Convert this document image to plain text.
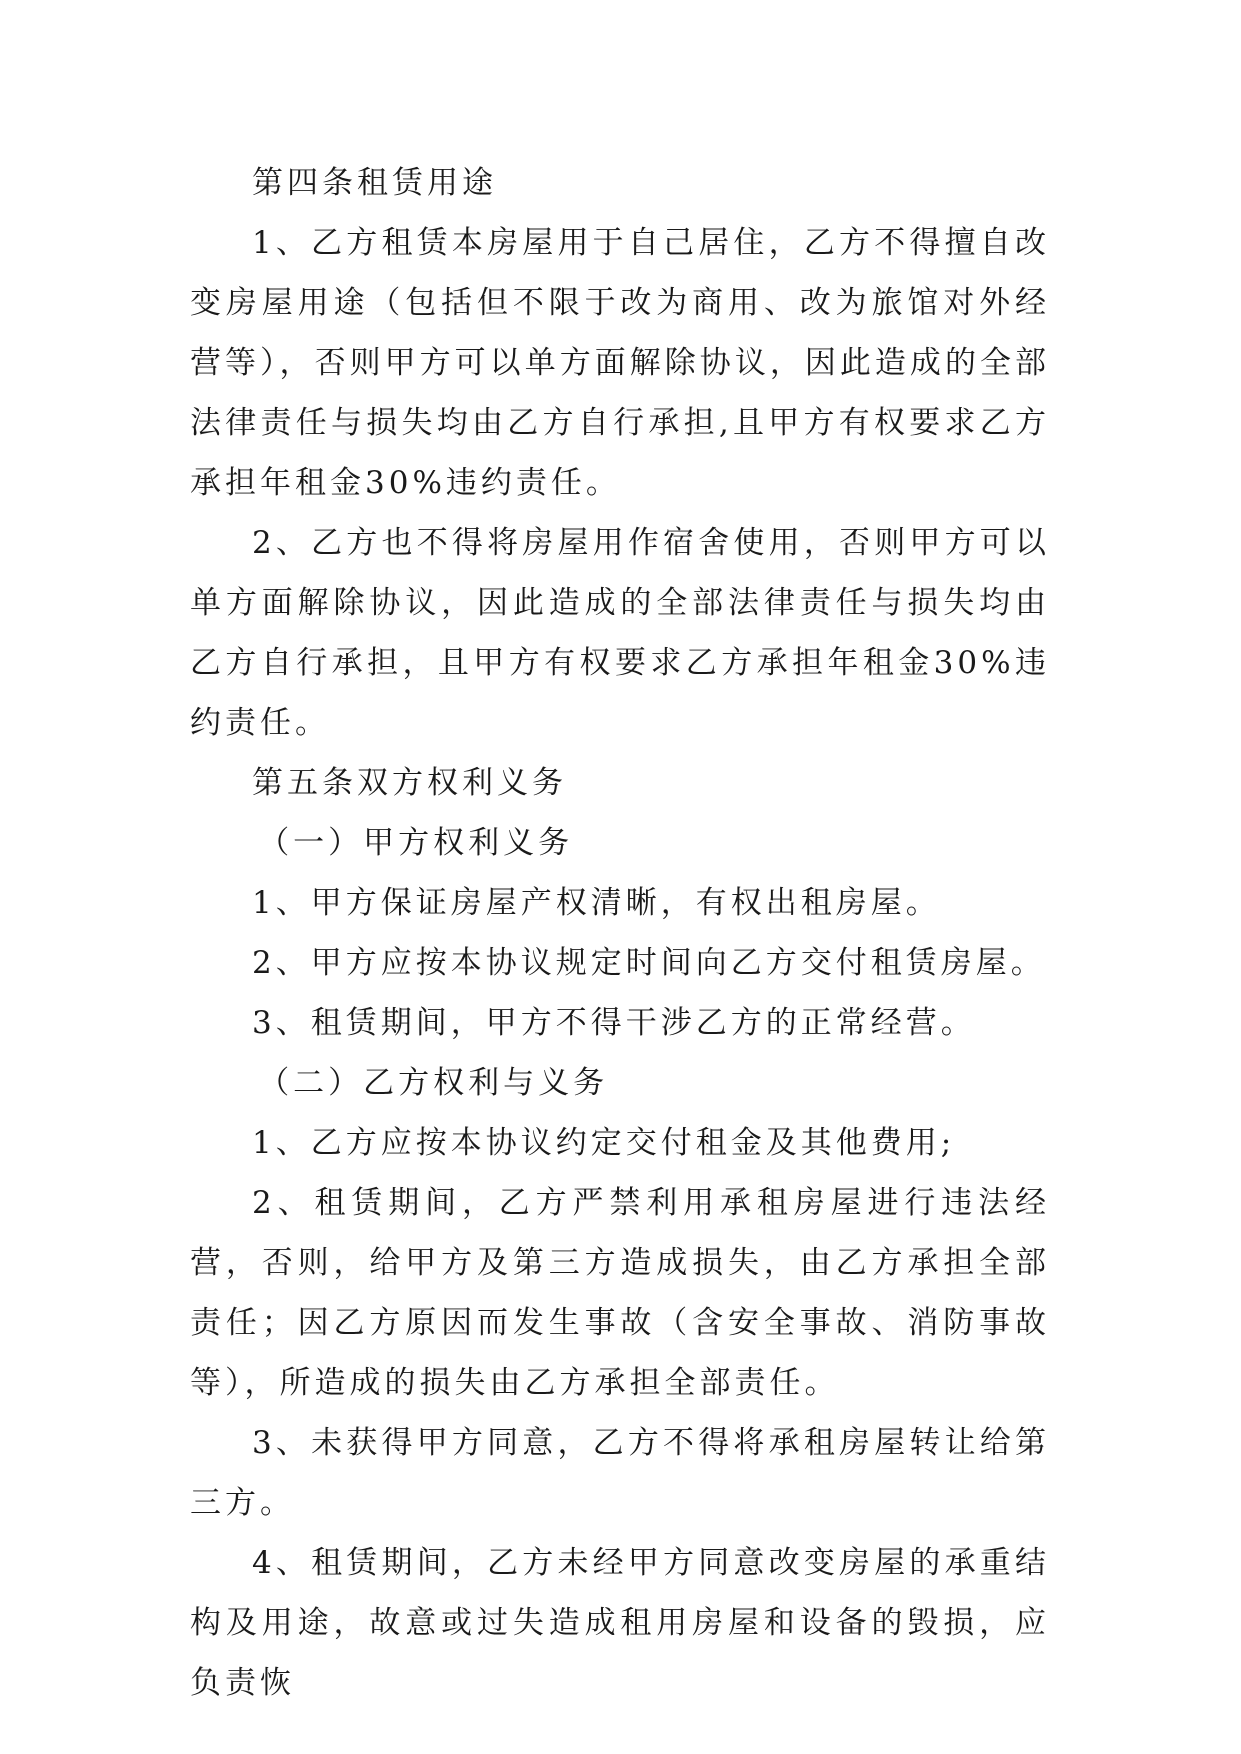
第四条租赁用途

1、乙方租赁本房屋用于自己居住，乙方不得擅自改变房屋用途（包括但不限于改为商用、改为旅馆对外经营等），否则甲方可以单方面解除协议，因此造成的全部法律责任与损失均由乙方自行承担,且甲方有权要求乙方承担年租金30%违约责任。

2、乙方也不得将房屋用作宿舍使用，否则甲方可以单方面解除协议，因此造成的全部法律责任与损失均由乙方自行承担，且甲方有权要求乙方承担年租金30%违约责任。

第五条双方权利义务

（一）甲方权利义务

1、甲方保证房屋产权清晰，有权出租房屋。

2、甲方应按本协议规定时间向乙方交付租赁房屋。

3、租赁期间，甲方不得干涉乙方的正常经营。

（二）乙方权利与义务

1、乙方应按本协议约定交付租金及其他费用;

2、租赁期间，乙方严禁利用承租房屋进行违法经营，否则，给甲方及第三方造成损失，由乙方承担全部责任；因乙方原因而发生事故（含安全事故、消防事故等），所造成的损失由乙方承担全部责任。

3、未获得甲方同意，乙方不得将承租房屋转让给第三方。

4、租赁期间，乙方未经甲方同意改变房屋的承重结构及用途，故意或过失造成租用房屋和设备的毁损，应负责恢
